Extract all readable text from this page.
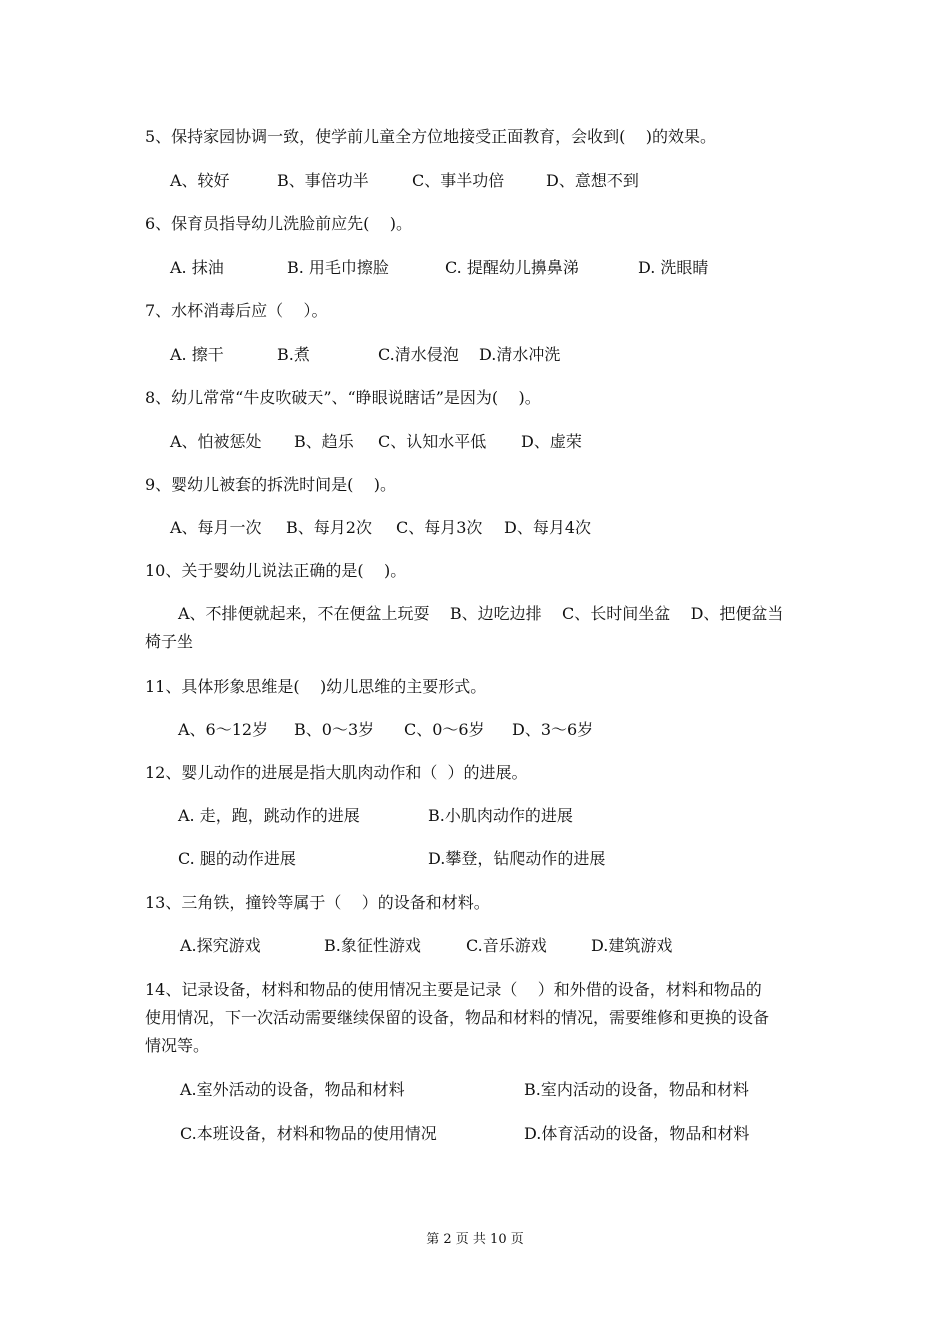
5、保持家园协调一致，使学前儿童全方位地接受正面教育，会收到(    )的效果。
A、较好	B、事倍功半	C、事半功倍	D、意想不到
6、保育员指导幼儿洗脸前应先(    )。
A. 抹油	B. 用毛巾擦脸	C. 提醒幼儿擤鼻涕	D. 洗眼睛
7、水杯消毒后应（    ）。
A. 擦干	B.煮	C.清水侵泡 D.清水冲洗
8、幼儿常常“牛皮吹破天”、“睁眼说瞎话”是因为(    )。
A、怕被惩处 B、趋乐 C、认知水平低 D、虚荣
9、婴幼儿被套的拆洗时间是(    )。
A、每月一次 B、每月2次 C、每月3次 D、每月4次
10、关于婴幼儿说法正确的是(    )。
A、不排便就起来，不在便盆上玩耍    B、边吃边排    C、长时间坐盆    D、把便盆当
椅子坐
11、具体形象思维是(    )幼儿思维的主要形式。
A、6～12岁 B、0～3岁 C、0～6岁 D、3～6岁
12、婴儿动作的进展是指大肌肉动作和（  ）的进展。
A. 走，跑，跳动作的进展	B.小肌肉动作的进展
C. 腿的动作进展	D.攀登，钻爬动作的进展
13、三角铁，撞铃等属于（    ）的设备和材料。
A.探究游戏	B.象征性游戏	C.音乐游戏	D.建筑游戏
14、记录设备，材料和物品的使用情况主要是记录（    ）和外借的设备，材料和物品的
使用情况，下一次活动需要继续保留的设备，物品和材料的情况，需要维修和更换的设备
情况等。
A.室外活动的设备，物品和材料	B.室内活动的设备，物品和材料
C.本班设备，材料和物品的使用情况	D.体育活动的设备，物品和材料
第 2 页 共 10 页
